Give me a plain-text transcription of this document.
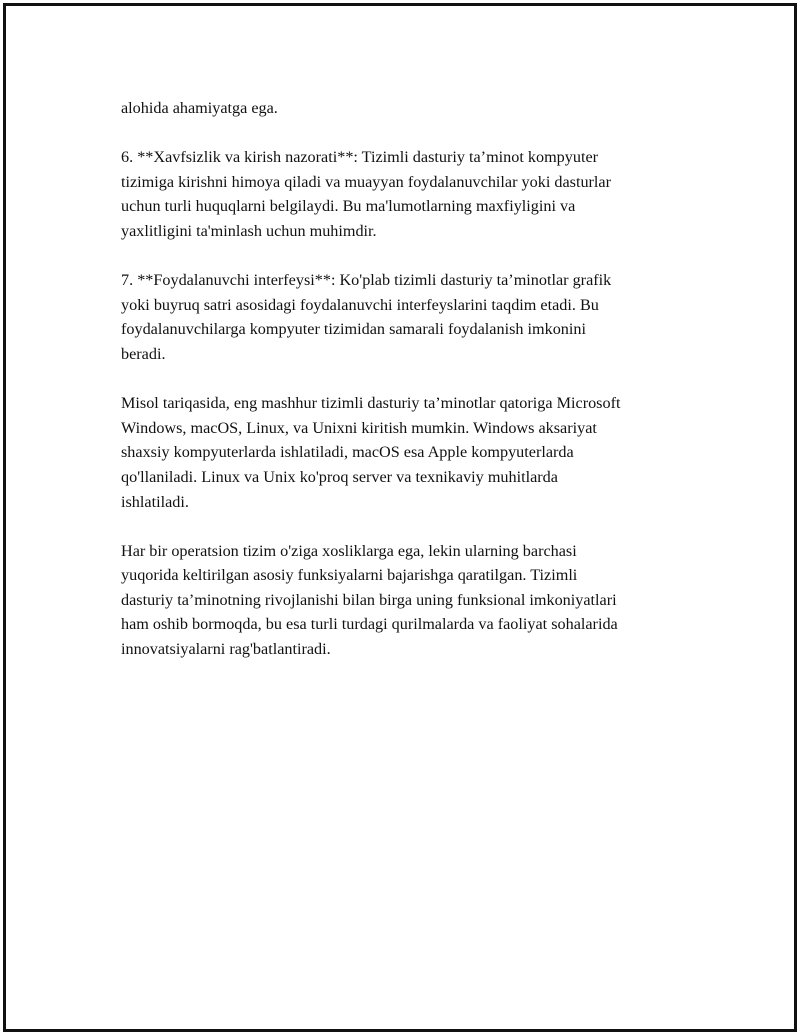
alohida ahamiyatga ega.

6. **Xavfsizlik va kirish nazorati**: Tizimli dasturiy ta’minot kompyuter
tizimiga kirishni himoya qiladi va muayyan foydalanuvchilar yoki dasturlar
uchun turli huquqlarni belgilaydi. Bu ma'lumotlarning maxfiyligini va
yaxlitligini ta'minlash uchun muhimdir.

7. **Foydalanuvchi interfeysi**: Ko'plab tizimli dasturiy ta’minotlar grafik
yoki buyruq satri asosidagi foydalanuvchi interfeyslarini taqdim etadi. Bu
foydalanuvchilarga kompyuter tizimidan samarali foydalanish imkonini
beradi.

Misol tariqasida, eng mashhur tizimli dasturiy ta’minotlar qatoriga Microsoft
Windows, macOS, Linux, va Unixni kiritish mumkin. Windows aksariyat
shaxsiy kompyuterlarda ishlatiladi, macOS esa Apple kompyuterlarda
qo'llaniladi. Linux va Unix ko'proq server va texnikaviy muhitlarda
ishlatiladi.

Har bir operatsion tizim o'ziga xosliklarga ega, lekin ularning barchasi
yuqorida keltirilgan asosiy funksiyalarni bajarishga qaratilgan. Tizimli
dasturiy ta’minotning rivojlanishi bilan birga uning funksional imkoniyatlari
ham oshib bormoqda, bu esa turli turdagi qurilmalarda va faoliyat sohalarida
innovatsiyalarni rag'batlantiradi.
